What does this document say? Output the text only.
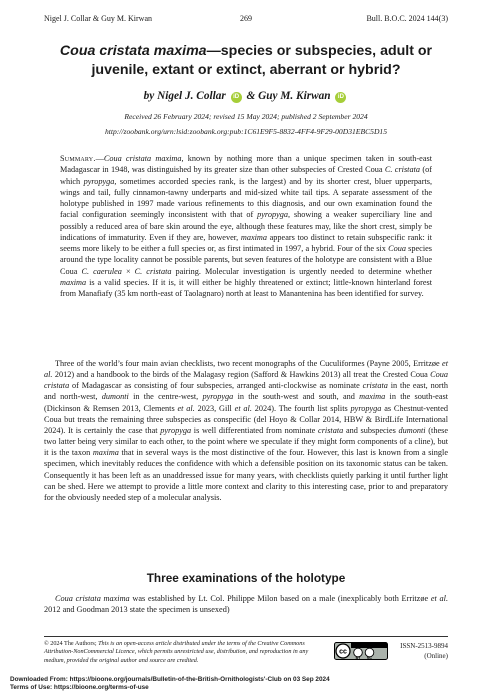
Nigel J. Collar & Guy M. Kirwan	269	Bull. B.O.C. 2024 144(3)
Coua cristata maxima—species or subspecies, adult or
juvenile, extant or extinct, aberrant or hybrid?
by Nigel J. Collar iD & Guy M. Kirwan iD
Received 26 February 2024; revised 15 May 2024; published 2 September 2024
http://zoobank.org/urn:lsid:zoobank.org:pub:1C61E9F5-8832-4FF4-9F29-00D31EBC5D15
Summary.—Coua cristata maxima, known by nothing more than a unique specimen taken in south-east Madagascar in 1948, was distinguished by its greater size than other subspecies of Crested Coua C. cristata (of which pyropyga, sometimes accorded species rank, is the largest) and by its shorter crest, bluer upperparts, wings and tail, fully cinnamon-tawny underparts and mid-sized white tail tips. A separate assessment of the holotype published in 1997 made various refinements to this diagnosis, and our own examination found the facial configuration seemingly inconsistent with that of pyropyga, showing a weaker superciliary line and possibly a reduced area of bare skin around the eye, although these features may, like the short crest, simply be indications of immaturity. Even if they are, however, maxima appears too distinct to retain subspecific rank: it seems more likely to be either a full species or, as first intimated in 1997, a hybrid. Four of the six Coua species around the type locality cannot be possible parents, but seven features of the holotype are consistent with a Blue Coua C. caerulea × C. cristata pairing. Molecular investigation is urgently needed to determine whether maxima is a valid species. If it is, it will either be highly threatened or extinct; little-known hinterland forest from Manafiafy (35 km north-east of Taolagnaro) north at least to Manantenina has been identified for survey.
Three of the world’s four main avian checklists, two recent monographs of the Cuculiformes (Payne 2005, Erritzøe et al. 2012) and a handbook to the birds of the Malagasy region (Safford & Hawkins 2013) all treat the Crested Coua Coua cristata of Madagascar as consisting of four subspecies, arranged anti-clockwise as nominate cristata in the east, north and north-west, dumonti in the centre-west, pyropyga in the south-west and south, and maxima in the south-east (Dickinson & Remsen 2013, Clements et al. 2023, Gill et al. 2024). The fourth list splits pyropyga as Chestnut-vented Coua but treats the remaining three subspecies as conspecific (del Hoyo & Collar 2014, HBW & BirdLife International 2024). It is certainly the case that pyropyga is well differentiated from nominate cristata and subspecies dumonti (these two latter being very similar to each other, to the point where we speculate if they might form components of a cline), but it is the taxon maxima that in several ways is the most distinctive of the four. However, this last is known from a single specimen, which inevitably reduces the confidence with which a defensible position on its taxonomic status can be taken. Consequently it has been left as an unaddressed issue for many years, with checklists quietly parking it until further light can be shed. Here we attempt to provide a little more context and clarity to this interesting case, prior to and preparatory for the obviously needed step of a molecular analysis.
Three examinations of the holotype
Coua cristata maxima was established by Lt. Col. Philippe Milon based on a male (inexplicably both Erritzøe et al. 2012 and Goodman 2013 state the specimen is unsexed)
© 2024 The Authors; This is an open-access article distributed under the terms of the Creative Commons Attribution-NonCommercial Licence, which permits unrestricted use, distribution, and reproduction in any medium, provided the original author and source are credited.
cc
BY NC
ISSN-2513-9894
(Online)
Downloaded From: https://bioone.org/journals/Bulletin-of-the-British-Ornithologists'-Club on 03 Sep 2024
Terms of Use: https://bioone.org/terms-of-use
